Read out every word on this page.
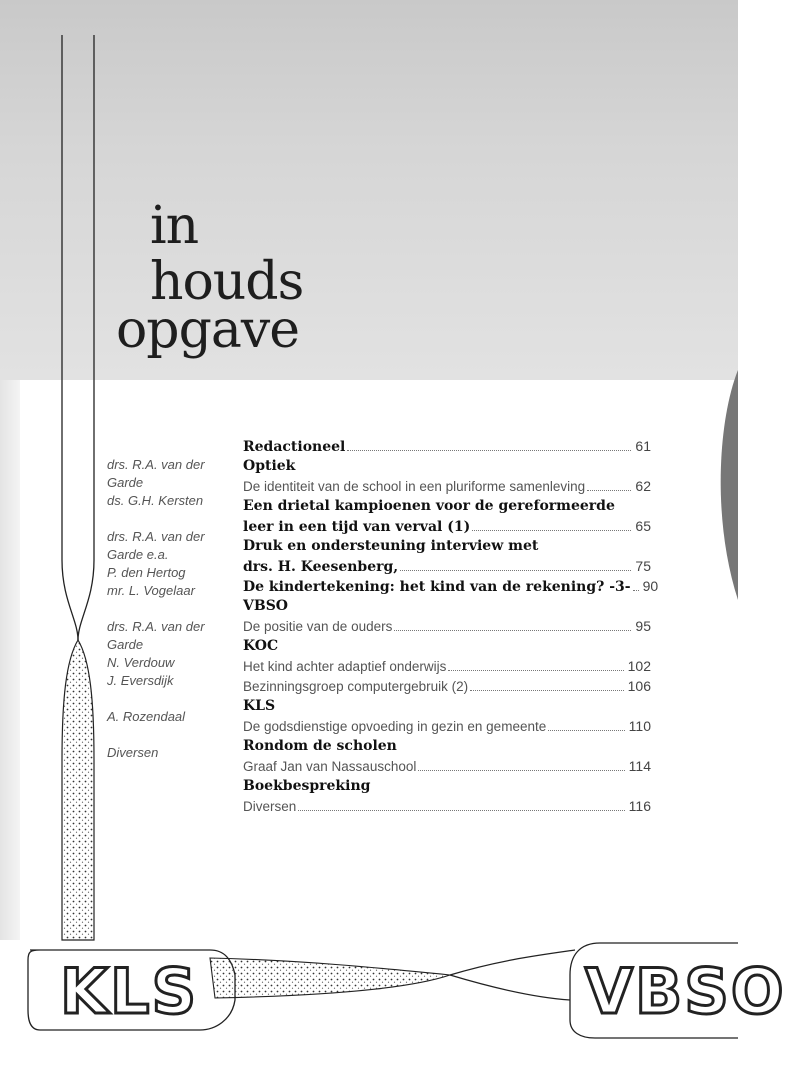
in
houds
opgave
drs. R.A. van der
Garde
ds. G.H. Kersten
drs. R.A. van der
Garde e.a.
P. den Hertog
mr. L. Vogelaar
drs. R.A. van der
Garde
N. Verdouw
J. Eversdijk
A. Rozendaal
Diversen
Redactioneel	61
Optiek
De identiteit van de school in een pluriforme samenleving	62
Een drietal kampioenen voor de gereformeerde
leer in een tijd van verval (1)	65
Druk en ondersteuning interview met
drs. H. Keesenberg,	75
De kindertekening: het kind van de rekening? -3- 90
VBSO
De positie van de ouders	95
KOC
Het kind achter adaptief onderwijs	102
Bezinningsgroep computergebruik (2)	106
KLS
De godsdienstige opvoeding in gezin en gemeente	110
Rondom de scholen
Graaf Jan van Nassauschool	114
Boekbespreking
Diversen	116
KLS	VBSO
